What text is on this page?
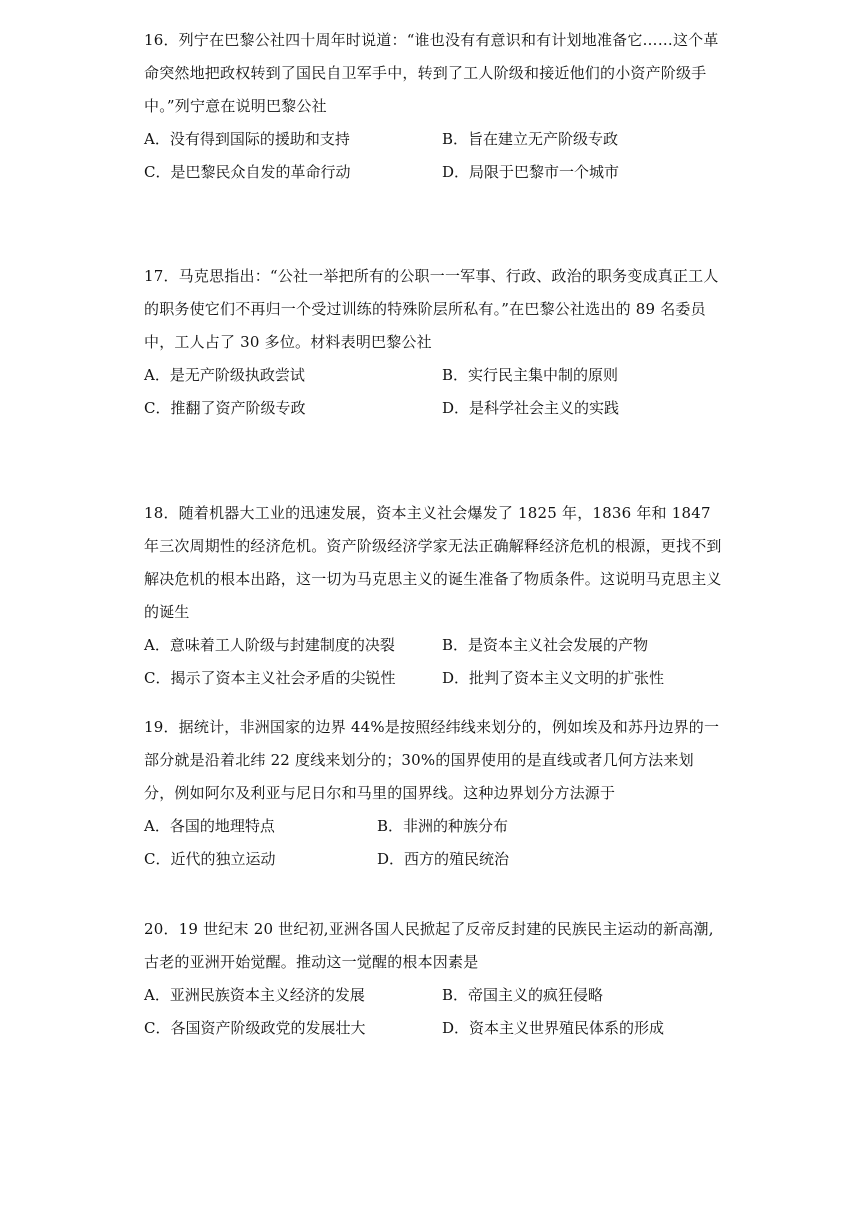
16．列宁在巴黎公社四十周年时说道：“谁也没有有意识和有计划地准备它……这个革命突然地把政权转到了国民自卫军手中，转到了工人阶级和接近他们的小资产阶级手中。”列宁意在说明巴黎公社

A．没有得到国际的援助和支持	B．旨在建立无产阶级专政
C．是巴黎民众自发的革命行动	D．局限于巴黎市一个城市

17．马克思指出：“公社一举把所有的公职一一军事、行政、政治的职务变成真正工人的职务使它们不再归一个受过训练的特殊阶层所私有。”在巴黎公社选出的 89 名委员中，工人占了 30 多位。材料表明巴黎公社

A．是无产阶级执政尝试	B．实行民主集中制的原则
C．推翻了资产阶级专政	D．是科学社会主义的实践

18．随着机器大工业的迅速发展，资本主义社会爆发了 1825 年，1836 年和 1847 年三次周期性的经济危机。资产阶级经济学家无法正确解释经济危机的根源，更找不到解决危机的根本出路，这一切为马克思主义的诞生准备了物质条件。这说明马克思主义的诞生

A．意味着工人阶级与封建制度的决裂	B．是资本主义社会发展的产物
C．揭示了资本主义社会矛盾的尖锐性	D．批判了资本主义文明的扩张性

19．据统计，非洲国家的边界 44%是按照经纬线来划分的，例如埃及和苏丹边界的一部分就是沿着北纬 22 度线来划分的；30%的国界使用的是直线或者几何方法来划分，例如阿尔及利亚与尼日尔和马里的国界线。这种边界划分方法源于

A．各国的地理特点	B．非洲的种族分布
C．近代的独立运动	D．西方的殖民统治

20．19 世纪末 20 世纪初,亚洲各国人民掀起了反帝反封建的民族民主运动的新高潮,古老的亚洲开始觉醒。推动这一觉醒的根本因素是

A．亚洲民族资本主义经济的发展	B．帝国主义的疯狂侵略
C．各国资产阶级政党的发展壮大	D．资本主义世界殖民体系的形成
